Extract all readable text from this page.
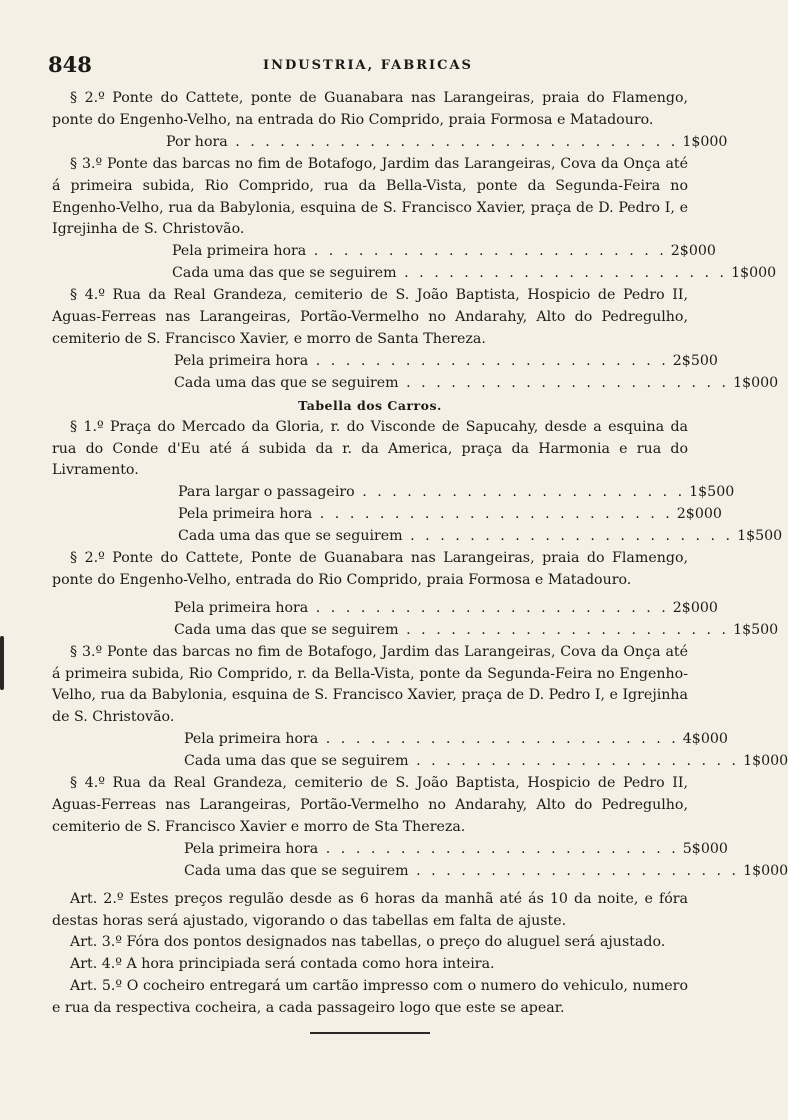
848	INDUSTRIA, FABRICAS

§ 2.º Ponte do Cattete, ponte de Guanabara nas Larangeiras, praia do Flamengo, ponte do Engenho-Velho, na entrada do Rio Comprido, praia Formosa e Matadouro.

Por hora . . . . . . . . . . . . . . . . . . . . . . . . . . . . . . 1$000

§ 3.º Ponte das barcas no fim de Botafogo, Jardim das Larangeiras, Cova da Onça até á primeira subida, Rio Comprido, rua da Bella-Vista, ponte da Segunda-Feira no Engenho-Velho, rua da Babylonia, esquina de S. Francisco Xavier, praça de D. Pedro I, e Igrejinha de S. Christovão.

Pela primeira hora . . . . . . . . . . . . . . . . . . . . . . . . 2$000
Cada uma das que se seguirem . . . . . . . . . . . . . . . . . . . . . . 1$000

§ 4.º Rua da Real Grandeza, cemiterio de S. João Baptista, Hospicio de Pedro II, Aguas-Ferreas nas Larangeiras, Portão-Vermelho no Andarahy, Alto do Pedregulho, cemiterio de S. Francisco Xavier, e morro de Santa Thereza.

Pela primeira hora . . . . . . . . . . . . . . . . . . . . . . . . 2$500
Cada uma das que se seguirem . . . . . . . . . . . . . . . . . . . . . . 1$000
Tabella dos Carros.

§ 1.º Praça do Mercado da Gloria, r. do Visconde de Sapucahy, desde a esquina da rua do Conde d'Eu até á subida da r. da America, praça da Harmonia e rua do Livramento.

Para largar o passageiro . . . . . . . . . . . . . . . . . . . . . . 1$500
Pela primeira hora . . . . . . . . . . . . . . . . . . . . . . . . 2$000
Cada uma das que se seguirem . . . . . . . . . . . . . . . . . . . . . . 1$500

§ 2.º Ponte do Cattete, Ponte de Guanabara nas Larangeiras, praia do Flamengo, ponte do Engenho-Velho, entrada do Rio Comprido, praia Formosa e Matadouro.

Pela primeira hora . . . . . . . . . . . . . . . . . . . . . . . . 2$000
Cada uma das que se seguirem . . . . . . . . . . . . . . . . . . . . . . 1$500

§ 3.º Ponte das barcas no fim de Botafogo, Jardim das Larangeiras, Cova da Onça até á primeira subida, Rio Comprido, r. da Bella-Vista, ponte da Segunda-Feira no Engenho-Velho, rua da Babylonia, esquina de S. Francisco Xavier, praça de D. Pedro I, e Igrejinha de S. Christovão.

Pela primeira hora . . . . . . . . . . . . . . . . . . . . . . . . 4$000
Cada uma das que se seguirem . . . . . . . . . . . . . . . . . . . . . . 1$000

§ 4.º Rua da Real Grandeza, cemiterio de S. João Baptista, Hospicio de Pedro II, Aguas-Ferreas nas Larangeiras, Portão-Vermelho no Andarahy, Alto do Pedregulho, cemiterio de S. Francisco Xavier e morro de Sta Thereza.

Pela primeira hora . . . . . . . . . . . . . . . . . . . . . . . . 5$000
Cada uma das que se seguirem . . . . . . . . . . . . . . . . . . . . . . 1$000

Art. 2.º Estes preços regulão desde as 6 horas da manhã até ás 10 da noite, e fóra destas horas será ajustado, vigorando o das tabellas em falta de ajuste.

Art. 3.º Fóra dos pontos designados nas tabellas, o preço do aluguel será ajustado.

Art. 4.º A hora principiada será contada como hora inteira.

Art. 5.º O cocheiro entregará um cartão impresso com o numero do vehiculo, numero e rua da respectiva cocheira, a cada passageiro logo que este se apear.
